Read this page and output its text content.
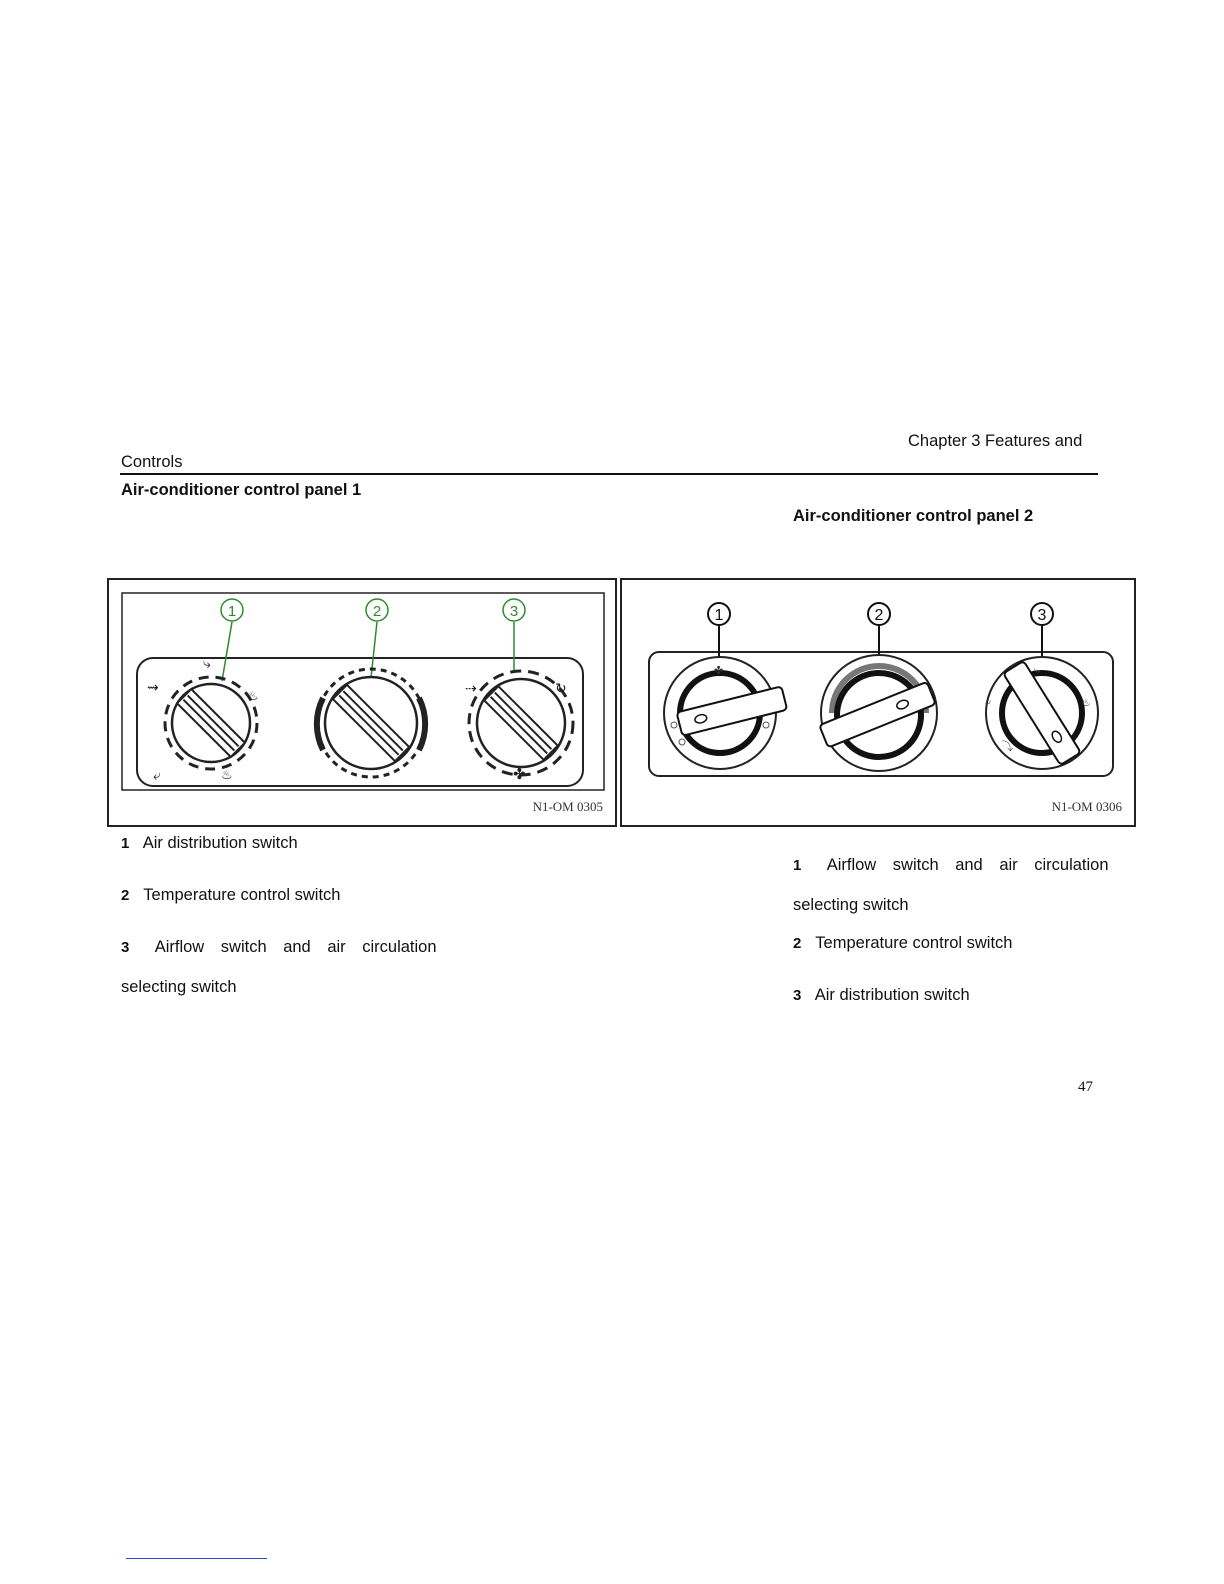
Chapter 3 Features and
Controls
Air-conditioner control panel 1
Air-conditioner control panel 2
1	2	3
⇝
⤷
♨
⤶	♨
⇢	↻
✤
N1-OM 0305
1	2	3
✤
⤶	♨
⤷
⤵
N1-OM 0306
1 Air distribution switch
2 Temperature control switch
3 Airflow switch and air circulation
selecting switch
1 Airflow switch and air circulation
selecting switch
2 Temperature control switch
3 Air distribution switch
47
